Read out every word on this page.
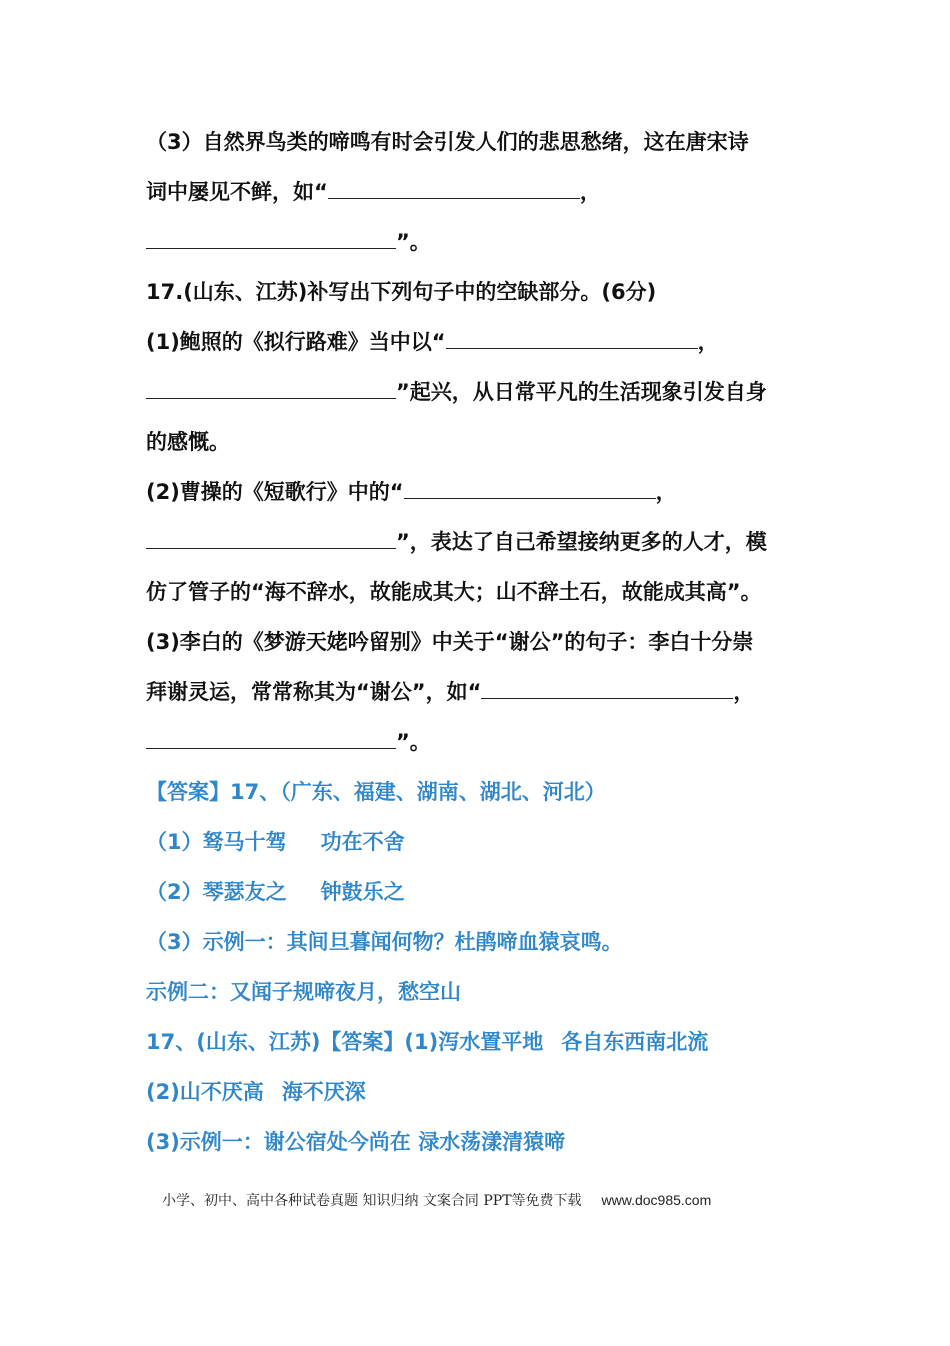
（3）自然界鸟类的啼鸣有时会引发人们的悲思愁绪，这在唐宋诗
词中屡见不鲜，如“	，
”。
17.(山东、江苏)补写出下列句子中的空缺部分。(6分)
(1)鲍照的《拟行路难》当中以“	，
”起兴，从日常平凡的生活现象引发自身
的感慨。
(2)曹操的《短歌行》中的“	，
”，表达了自己希望接纳更多的人才，模
仿了管子的“海不辞水，故能成其大；山不辞土石，故能成其高”。
(3)李白的《梦游天姥吟留别》中关于“谢公”的句子：李白十分崇
拜谢灵运，常常称其为“谢公”，如“	，
”。
【答案】17、（广东、福建、湖南、湖北、河北）
（1）驽马十驾 功在不舍
（2）琴瑟友之 钟鼓乐之
（3）示例一：其间旦暮闻何物？杜鹃啼血猿哀鸣。
示例二：又闻子规啼夜月，愁空山
17、(山东、江苏)【答案】(1)泻水置平地 各自东西南北流
(2)山不厌高 海不厌深
(3)示例一：谢公宿处今尚在 渌水荡漾清猿啼
小学、初中、高中各种试卷真题 知识归纳 文案合同 PPT等免费下载 www.doc985.com
